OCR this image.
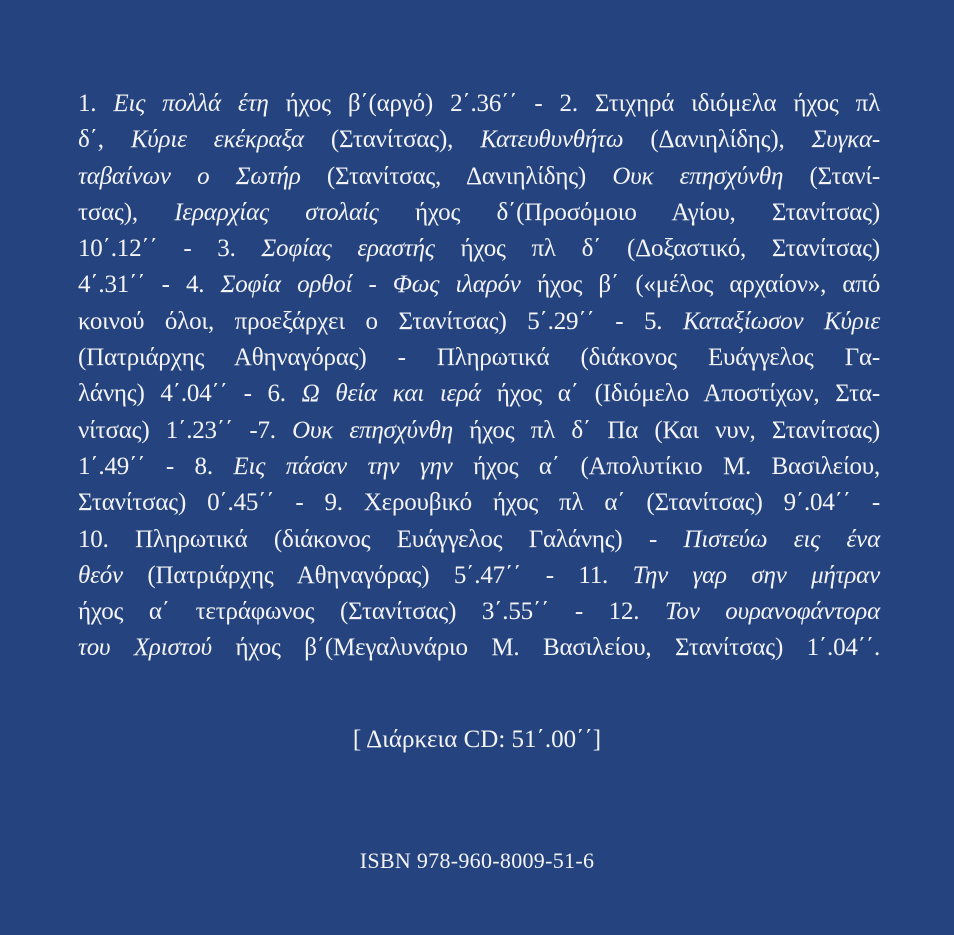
1. Εις πολλά έτη ήχος β΄(αργό) 2΄.36΄΄ - 2. Στιχηρά ιδιόμελα ήχος πλ
δ΄, Κύριε εκέκραξα (Στανίτσας), Κατευθυνθήτω (Δανιηλίδης), Συγκα-
ταβαίνων ο Σωτήρ (Στανίτσας, Δανιηλίδης) Ουκ επησχύνθη (Στανί-
τσας), Ιεραρχίας στολαίς ήχος δ΄(Προσόμοιο Αγίου, Στανίτσας)
10΄.12΄΄ - 3. Σοφίας εραστής ήχος πλ δ΄ (Δοξαστικό, Στανίτσας)
4΄.31΄΄ - 4. Σοφία ορθοί - Φως ιλαρόν ήχος β΄ («μέλος αρχαίον», από
κοινού όλοι, προεξάρχει ο Στανίτσας) 5΄.29΄΄ - 5. Καταξίωσον Κύριε
(Πατριάρχης Αθηναγόρας) - Πληρωτικά (διάκονος Ευάγγελος Γα-
λάνης) 4΄.04΄΄ - 6. Ω θεία και ιερά ήχος α΄ (Ιδιόμελο Αποστίχων, Στα-
νίτσας) 1΄.23΄΄ -7. Ουκ επησχύνθη ήχος πλ δ΄ Πα (Και νυν, Στανίτσας)
1΄.49΄΄ - 8. Εις πάσαν την γην ήχος α΄ (Απολυτίκιο Μ. Βασιλείου,
Στανίτσας) 0΄.45΄΄ - 9. Χερουβικό ήχος πλ α΄ (Στανίτσας) 9΄.04΄΄ -
10. Πληρωτικά (διάκονος Ευάγγελος Γαλάνης) - Πιστεύω εις ένα
θεόν (Πατριάρχης Αθηναγόρας) 5΄.47΄΄ - 11. Την γαρ σην μήτραν
ήχος α΄ τετράφωνος (Στανίτσας) 3΄.55΄΄ - 12. Τον ουρανοφάντορα
του Χριστού ήχος β΄(Μεγαλυνάριο Μ. Βασιλείου, Στανίτσας) 1΄.04΄΄.
[ Διάρκεια CD: 51΄.00΄΄]
ISBN 978-960-8009-51-6
